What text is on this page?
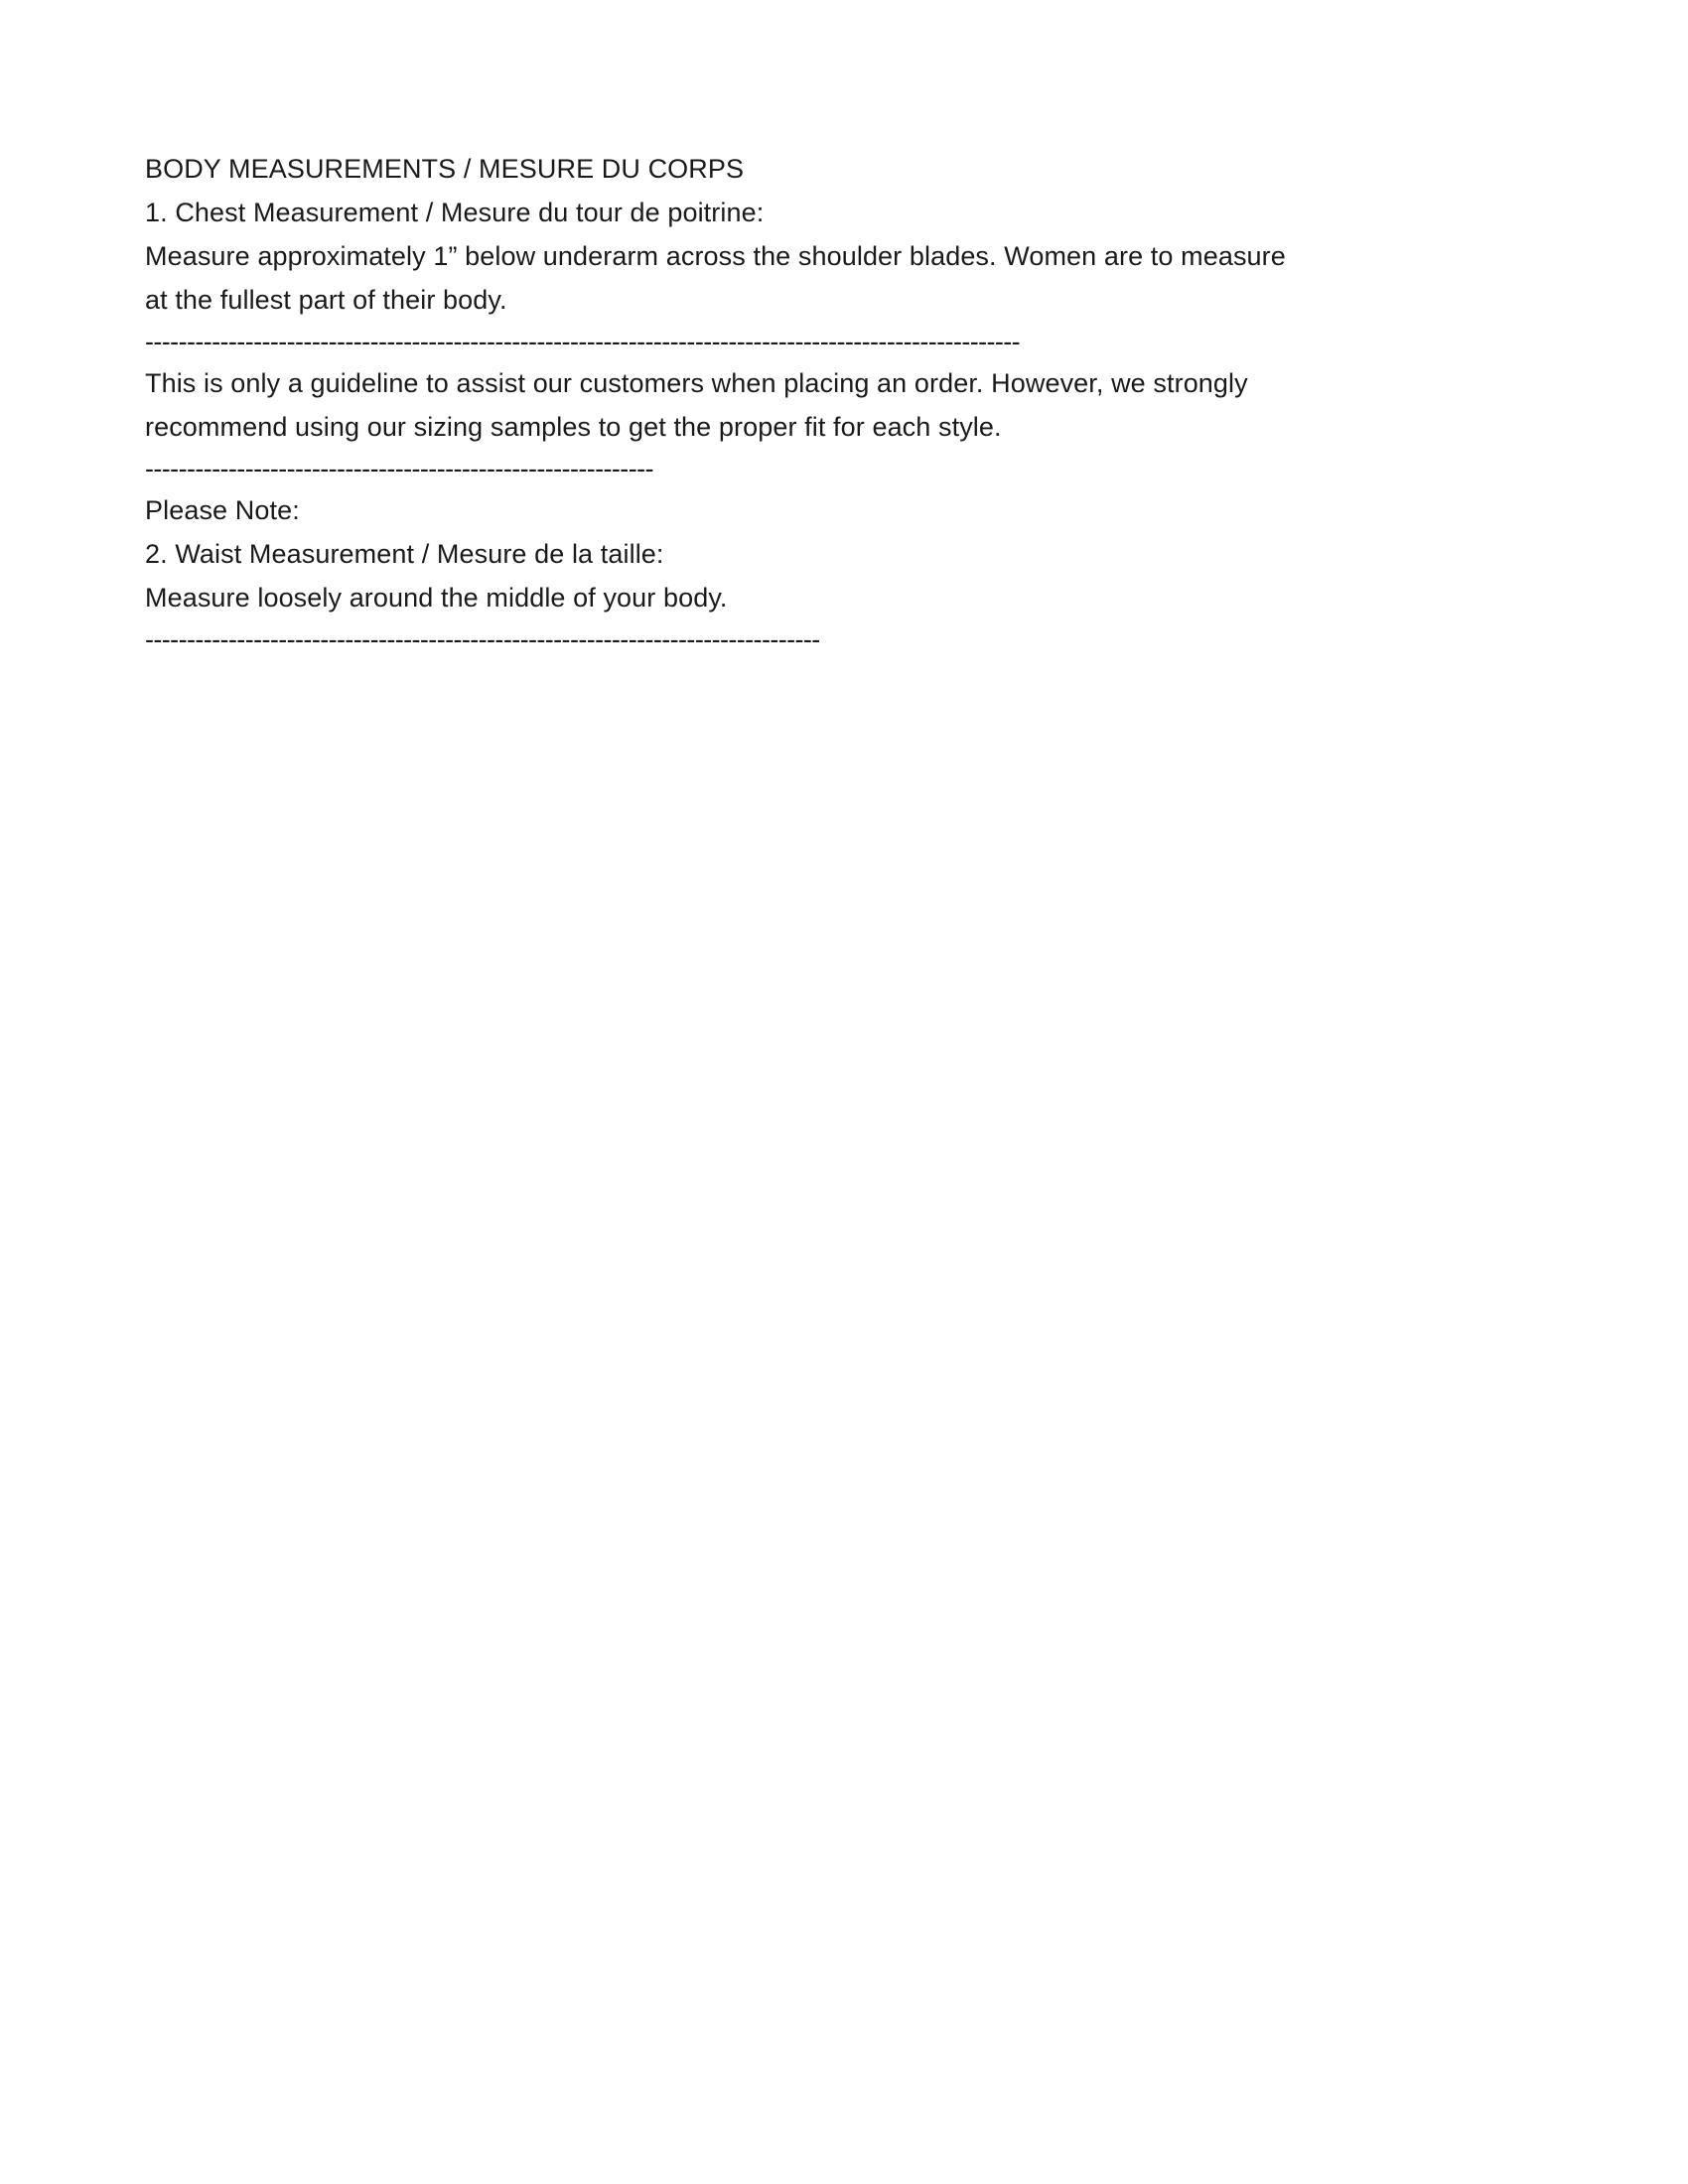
BODY MEASUREMENTS / MESURE DU CORPS
1. Chest Measurement / Mesure du tour de poitrine:
Measure approximately 1” below underarm across the shoulder blades. Women are to measure at the fullest part of their body.
---------------------------------------------------------------------------------------------------------
This is only a guideline to assist our customers when placing an order. However, we strongly recommend using our sizing samples to get the proper fit for each style.
-------------------------------------------------------------
Please Note:
2. Waist Measurement / Mesure de la taille:
Measure loosely around the middle of your body.
---------------------------------------------------------------------------------
